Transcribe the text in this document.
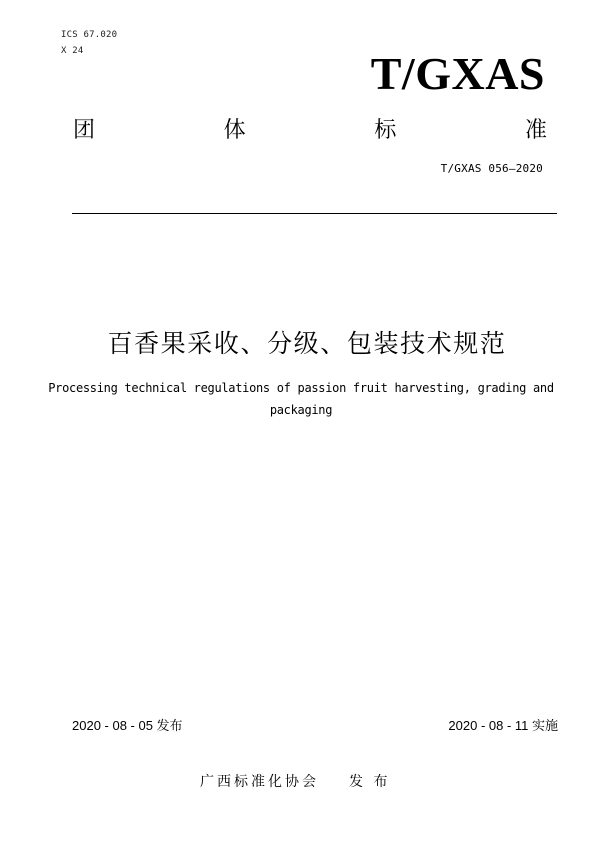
ICS 67.020
X 24	T/GXAS
团	体	标	准
T/GXAS 056—2020
百香果采收、分级、包装技术规范
Processing technical regulations of passion fruit harvesting, grading and packaging
2020 - 08 - 05 发布	2020 - 08 - 11 实施
广西标准化协会 发 布
